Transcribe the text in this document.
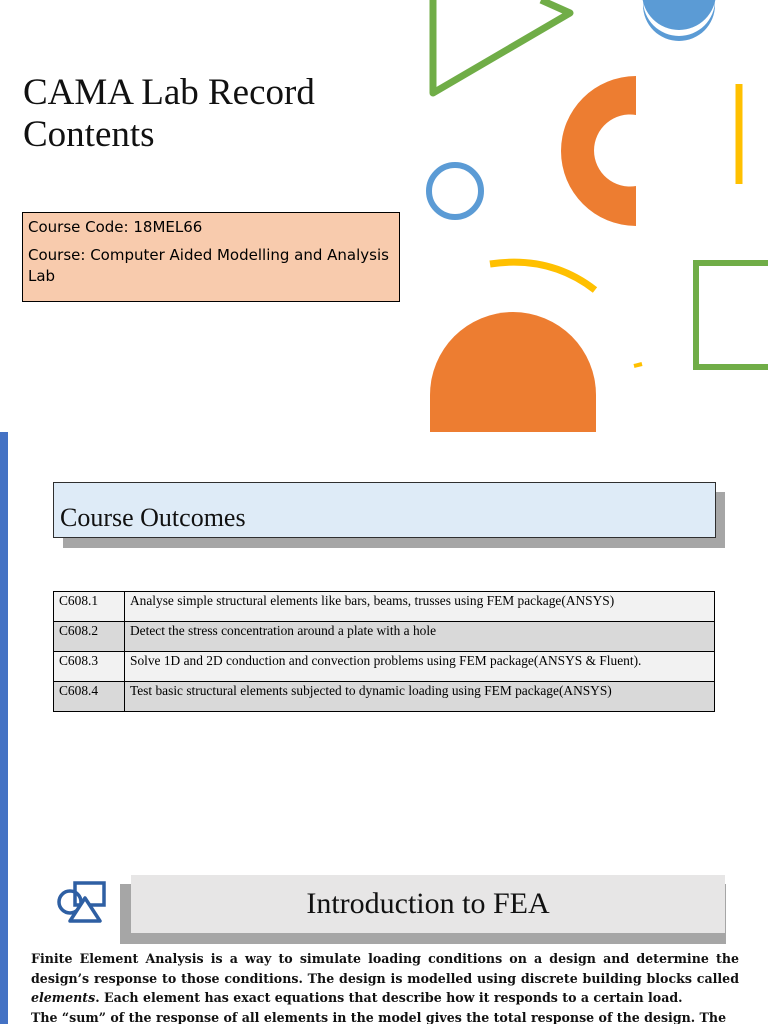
CAMA Lab Record
Contents
Course Code: 18MEL66
Course: Computer Aided Modelling and Analysis Lab
Course Outcomes
C608.1	Analyse simple structural elements like bars, beams, trusses using FEM package(ANSYS)
C608.2	Detect the stress concentration around a plate with a hole
C608.3	Solve 1D and 2D conduction and convection problems using FEM package(ANSYS & Fluent).
C608.4	Test basic structural elements subjected to dynamic loading using FEM package(ANSYS)
Introduction to FEA

Finite Element Analysis is a way to simulate loading conditions on a design and determine the design’s response to those conditions. The design is modelled using discrete building blocks called elements. Each element has exact equations that describe how it responds to a certain load.
The “sum” of the response of all elements in the model gives the total response of the design. The
